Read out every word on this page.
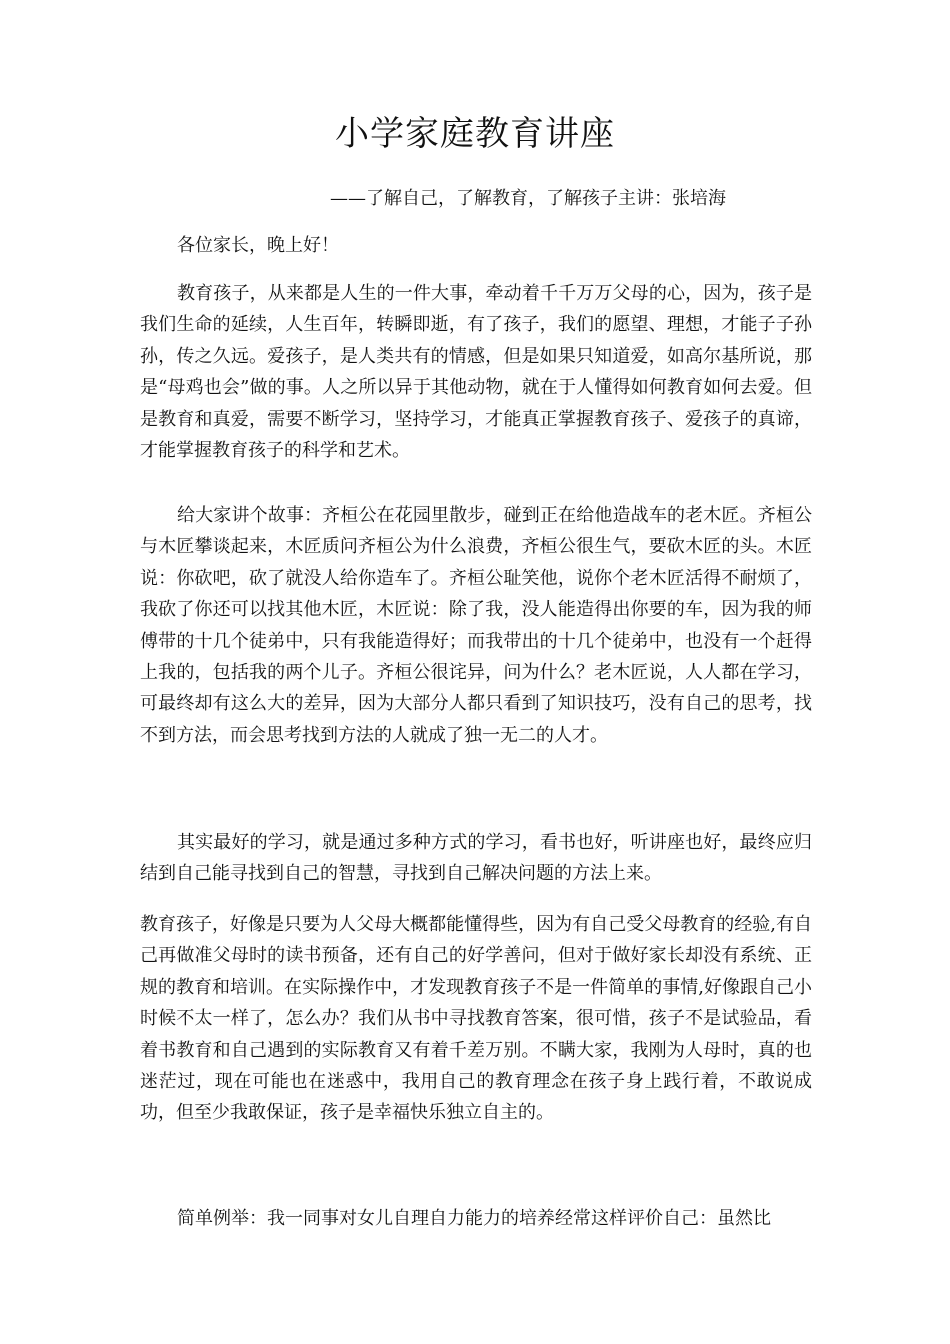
小学家庭教育讲座

——了解自己，了解教育，了解孩子主讲：张培海

各位家长，晚上好！

教育孩子，从来都是人生的一件大事，牵动着千千万万父母的心，因为，孩子是我们生命的延续，人生百年，转瞬即逝，有了孩子，我们的愿望、理想，才能子子孙孙，传之久远。爱孩子，是人类共有的情感，但是如果只知道爱，如高尔基所说，那是“母鸡也会”做的事。人之所以异于其他动物，就在于人懂得如何教育如何去爱。但是教育和真爱，需要不断学习，坚持学习，才能真正掌握教育孩子、爱孩子的真谛，才能掌握教育孩子的科学和艺术。

给大家讲个故事：齐桓公在花园里散步，碰到正在给他造战车的老木匠。齐桓公与木匠攀谈起来，木匠质问齐桓公为什么浪费，齐桓公很生气，要砍木匠的头。木匠说：你砍吧，砍了就没人给你造车了。齐桓公耻笑他，说你个老木匠活得不耐烦了，我砍了你还可以找其他木匠，木匠说：除了我，没人能造得出你要的车，因为我的师傅带的十几个徒弟中，只有我能造得好；而我带出的十几个徒弟中，也没有一个赶得上我的，包括我的两个儿子。齐桓公很诧异，问为什么？老木匠说，人人都在学习，可最终却有这么大的差异，因为大部分人都只看到了知识技巧，没有自己的思考，找不到方法，而会思考找到方法的人就成了独一无二的人才。

其实最好的学习，就是通过多种方式的学习，看书也好，听讲座也好，最终应归结到自己能寻找到自己的智慧，寻找到自己解决问题的方法上来。

教育孩子，好像是只要为人父母大概都能懂得些，因为有自己受父母教育的经验,有自己再做准父母时的读书预备，还有自己的好学善问，但对于做好家长却没有系统、正规的教育和培训。在实际操作中，才发现教育孩子不是一件简单的事情,好像跟自己小时候不太一样了，怎么办？我们从书中寻找教育答案，很可惜，孩子不是试验品，看着书教育和自己遇到的实际教育又有着千差万别。不瞒大家，我刚为人母时，真的也迷茫过，现在可能也在迷惑中，我用自己的教育理念在孩子身上践行着，不敢说成功，但至少我敢保证，孩子是幸福快乐独立自主的。

简单例举：我一同事对女儿自理自力能力的培养经常这样评价自己：虽然比
